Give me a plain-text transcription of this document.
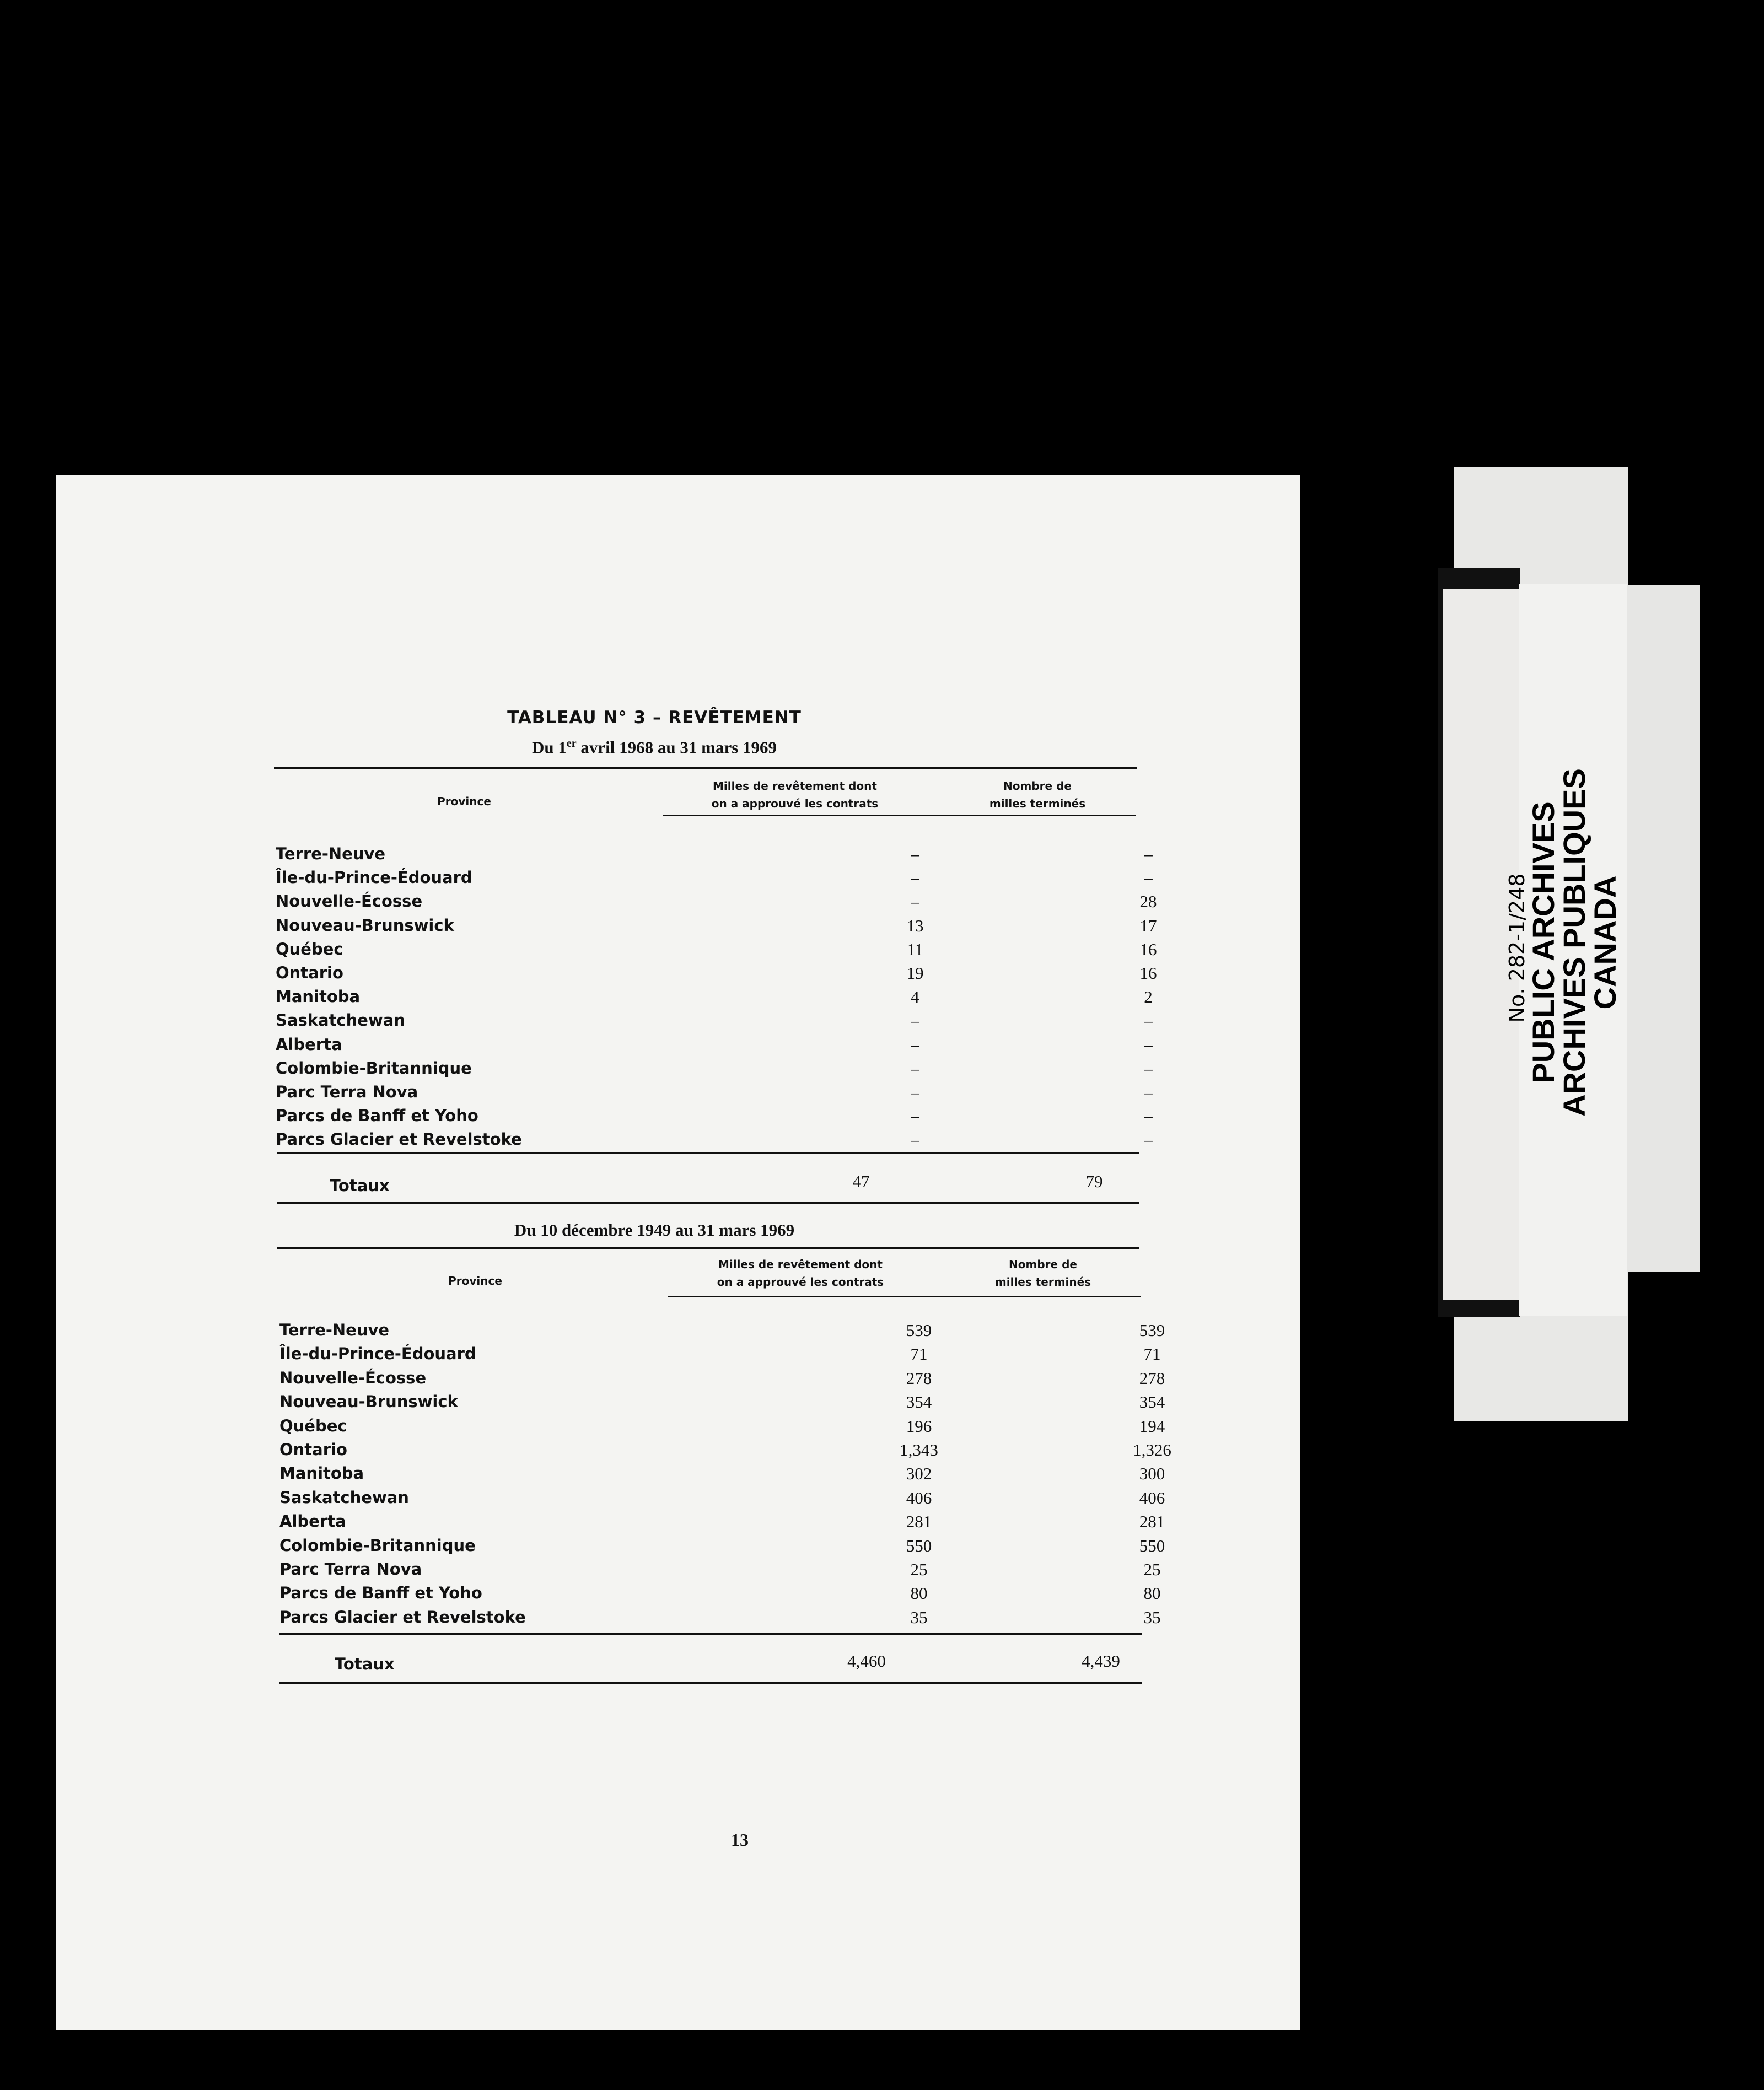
TABLEAU N° 3 – REVÊTEMENT
Du 1er avril 1968 au 31 mars 1969
Province
Milles de revêtement dont
on a approuvé les contrats
Nombre de
milles terminés
Terre-Neuve	–	–
Île-du-Prince-Édouard	–	–
Nouvelle-Écosse	–	28
Nouveau-Brunswick	13	17
Québec	11	16
Ontario	19	16
Manitoba	4	2
Saskatchewan	–	–
Alberta	–	–
Colombie-Britannique	–	–
Parc Terra Nova	–	–
Parcs de Banff et Yoho	–	–
Parcs Glacier et Revelstoke	–	–
Totaux	47	79
Du 10 décembre 1949 au 31 mars 1969
Province
Milles de revêtement dont
on a approuvé les contrats
Nombre de
milles terminés
Terre-Neuve	539	539
Île-du-Prince-Édouard	71	71
Nouvelle-Écosse	278	278
Nouveau-Brunswick	354	354
Québec	196	194
Ontario	1,343	1,326
Manitoba	302	300
Saskatchewan	406	406
Alberta	281	281
Colombie-Britannique	550	550
Parc Terra Nova	25	25
Parcs de Banff et Yoho	80	80
Parcs Glacier et Revelstoke	35	35
Totaux	4,460	4,439
13
No. 282-1/248
PUBLIC ARCHIVES
ARCHIVES PUBLIQUES
CANADA
